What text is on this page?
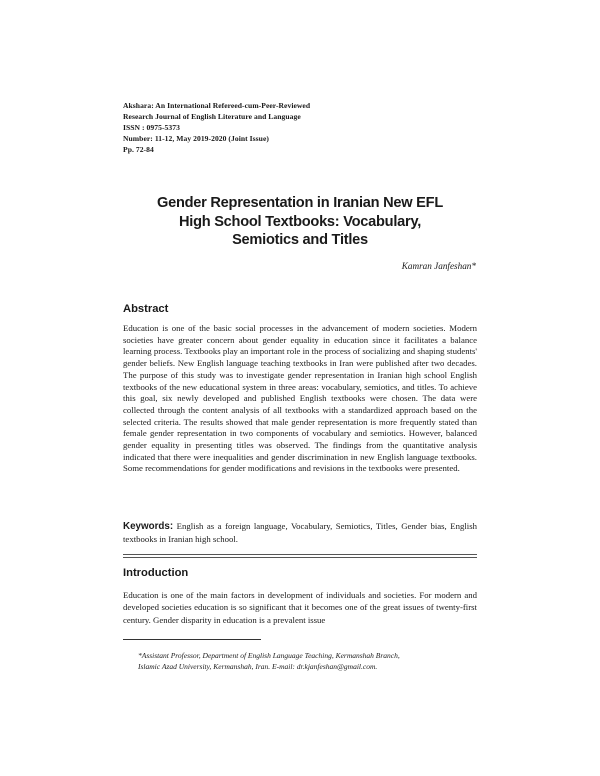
Akshara: An International Refereed-cum-Peer-Reviewed
Research Journal of English Literature and Language
ISSN : 0975-5373
Number: 11-12, May 2019-2020 (Joint Issue)
Pp. 72-84
Gender Representation in Iranian New EFL
High School Textbooks: Vocabulary,
Semiotics and Titles
Kamran Janfeshan*
Abstract
Education is one of the basic social processes in the advancement of modern societies. Modern societies have greater concern about gender equality in education since it facilitates a balance learning process. Textbooks play an important role in the process of socializing and shaping students' gender beliefs. New English language teaching textbooks in Iran were published after two decades. The purpose of this study was to investigate gender representation in Iranian high school English textbooks of the new educational system in three areas: vocabulary, semiotics, and titles. To achieve this goal, six newly developed and published English textbooks were chosen. The data were collected through the content analysis of all textbooks with a standardized approach based on the selected criteria. The results showed that male gender representation is more frequently stated than female gender representation in two components of vocabulary and semiotics. However, balanced gender equality in presenting titles was observed. The findings from the quantitative analysis indicated that there were inequalities and gender discrimination in new English language textbooks. Some recommendations for gender modifications and revisions in the textbooks were presented.
Keywords: English as a foreign language, Vocabulary, Semiotics, Titles, Gender bias, English textbooks in Iranian high school.
Introduction
Education is one of the main factors in development of individuals and societies. For modern and developed societies education is so significant that it becomes one of the great issues of twenty-first century. Gender disparity in education is a prevalent issue
*Assistant Professor, Department of English Language Teaching, Kermanshah Branch,
Islamic Azad University, Kermanshah, Iran. E-mail: dr.kjanfeshan@gmail.com.
